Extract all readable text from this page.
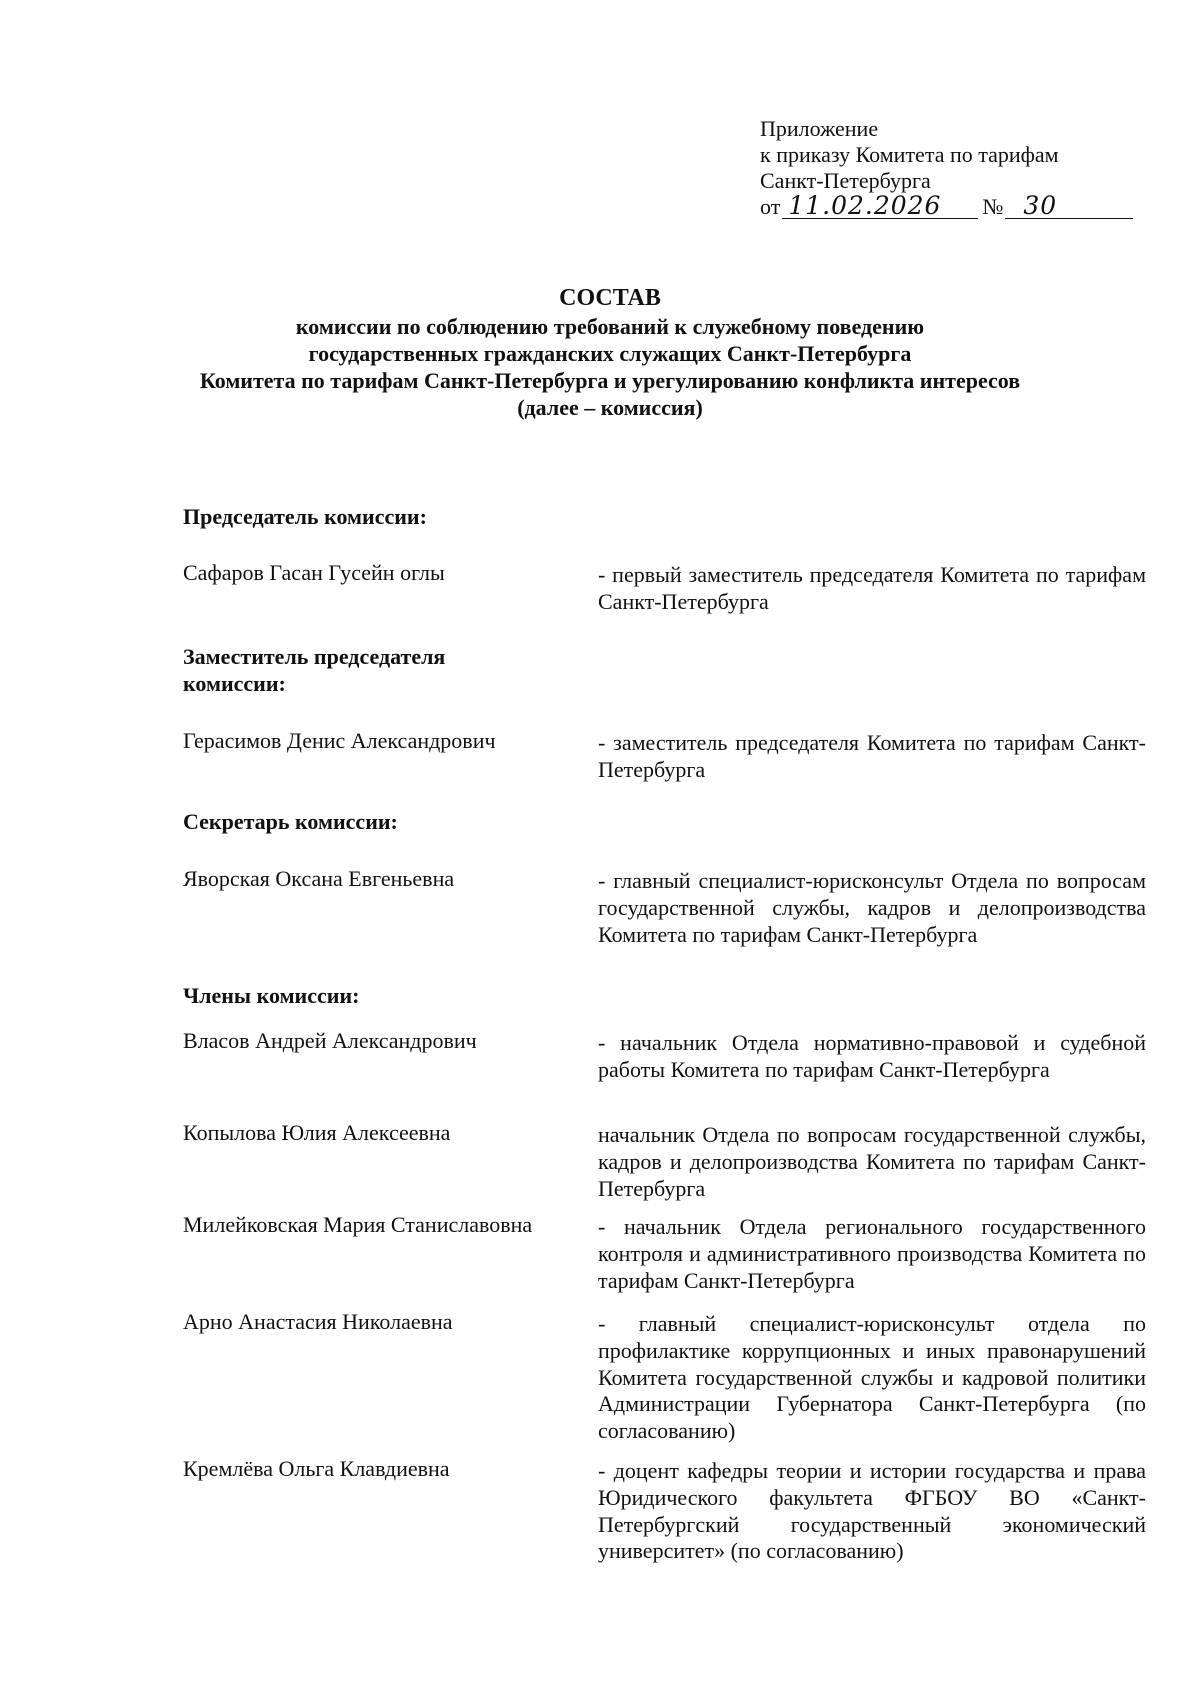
Приложение
к приказу Комитета по тарифам
Санкт-Петербурга
от 11.02.2026	№ 30
СОСТАВ
комиссии по соблюдению требований к служебному поведению
государственных гражданских служащих Санкт-Петербурга
Комитета по тарифам Санкт-Петербурга и урегулированию конфликта интересов
(далее – комиссия)
Председатель комиссии:
Сафаров Гасан Гусейн оглы	- первый заместитель председателя Комитета по тарифам Санкт-Петербурга
Заместитель председателя
комиссии:
Герасимов Денис Александрович	- заместитель председателя Комитета по тарифам Санкт-Петербурга
Секретарь комиссии:
Яворская Оксана Евгеньевна	- главный специалист-юрисконсульт Отдела по вопросам государственной службы, кадров и делопроизводства Комитета по тарифам Санкт-Петербурга
Члены комиссии:
Власов Андрей Александрович	- начальник Отдела нормативно-правовой и судебной работы Комитета по тарифам Санкт-Петербурга
Копылова Юлия Алексеевна	начальник Отдела по вопросам государственной службы, кадров и делопроизводства Комитета по тарифам Санкт-Петербурга
Милейковская Мария Станиславовна	- начальник Отдела регионального государственного контроля и административного производства Комитета по тарифам Санкт-Петербурга
Арно Анастасия Николаевна	- главный специалист-юрисконсульт отдела по профилактике коррупционных и иных правонарушений Комитета государственной службы и кадровой политики Администрации Губернатора Санкт-Петербурга (по согласованию)
Кремлёва Ольга Клавдиевна	- доцент кафедры теории и истории государства и права Юридического факультета ФГБОУ ВО «Санкт-Петербургский государственный экономический университет» (по согласованию)
